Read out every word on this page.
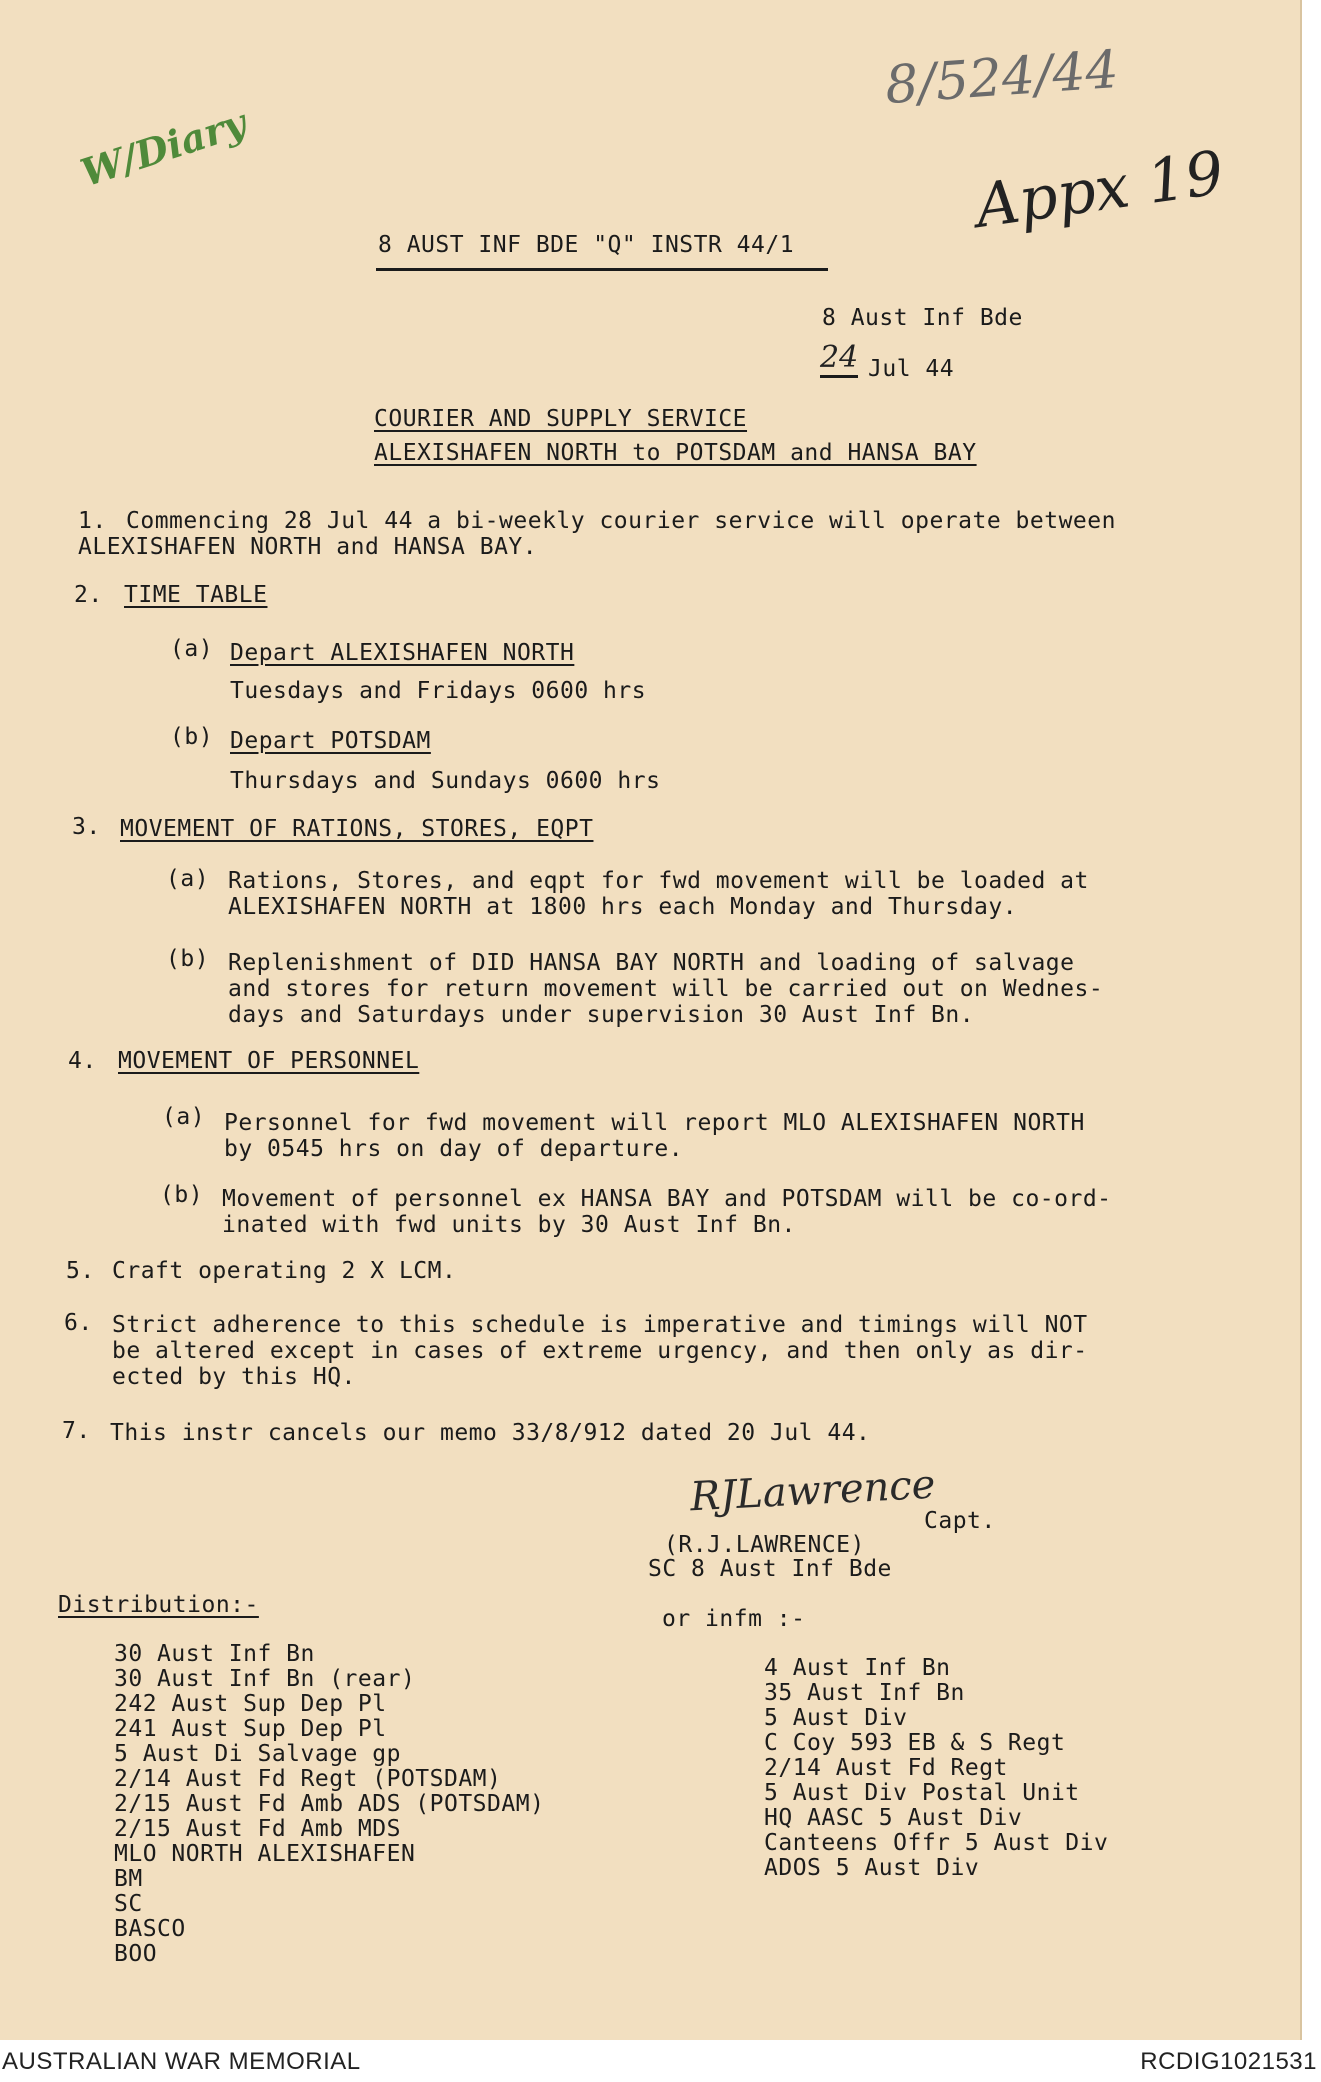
8/524/44
W/Diary	Appx 19
8 AUST INF BDE "Q" INSTR 44/1
8 Aust Inf Bde
24 Jul 44
COURIER AND SUPPLY SERVICE
ALEXISHAFEN NORTH to POTSDAM and HANSA BAY
1. Commencing 28 Jul 44 a bi-weekly courier service will operate between
ALEXISHAFEN NORTH and HANSA BAY.
2. TIME TABLE
(a) Depart ALEXISHAFEN NORTH
Tuesdays and Fridays 0600 hrs
(b) Depart POTSDAM
Thursdays and Sundays 0600 hrs
3. MOVEMENT OF RATIONS, STORES, EQPT
(a) Rations, Stores, and eqpt for fwd movement will be loaded at
ALEXISHAFEN NORTH at 1800 hrs each Monday and Thursday.
(b) Replenishment of DID HANSA BAY NORTH and loading of salvage
and stores for return movement will be carried out on Wednes-
days and Saturdays under supervision 30 Aust Inf Bn.
4. MOVEMENT OF PERSONNEL
(a) Personnel for fwd movement will report MLO ALEXISHAFEN NORTH
by 0545 hrs on day of departure.
(b) Movement of personnel ex HANSA BAY and POTSDAM will be co-ord-
inated with fwd units by 30 Aust Inf Bn.
5. Craft operating 2 X LCM.
6. Strict adherence to this schedule is imperative and timings will NOT
be altered except in cases of extreme urgency, and then only as dir-
ected by this HQ.
7. This instr cancels our memo 33/8/912 dated 20 Jul 44.
RJLawrence
Capt.
(R.J.LAWRENCE)
SC 8 Aust Inf Bde
Distribution:-
30 Aust Inf Bn
30 Aust Inf Bn (rear)
242 Aust Sup Dep Pl
241 Aust Sup Dep Pl
5 Aust Di Salvage gp
2/14 Aust Fd Regt (POTSDAM)
2/15 Aust Fd Amb ADS (POTSDAM)
2/15 Aust Fd Amb MDS
MLO NORTH ALEXISHAFEN
BM
SC
BASCO
BOO
or infm :-
4 Aust Inf Bn
35 Aust Inf Bn
5 Aust Div
C Coy 593 EB & S Regt
2/14 Aust Fd Regt
5 Aust Div Postal Unit
HQ AASC 5 Aust Div
Canteens Offr 5 Aust Div
ADOS 5 Aust Div
AUSTRALIAN WAR MEMORIAL	RCDIG1021531
